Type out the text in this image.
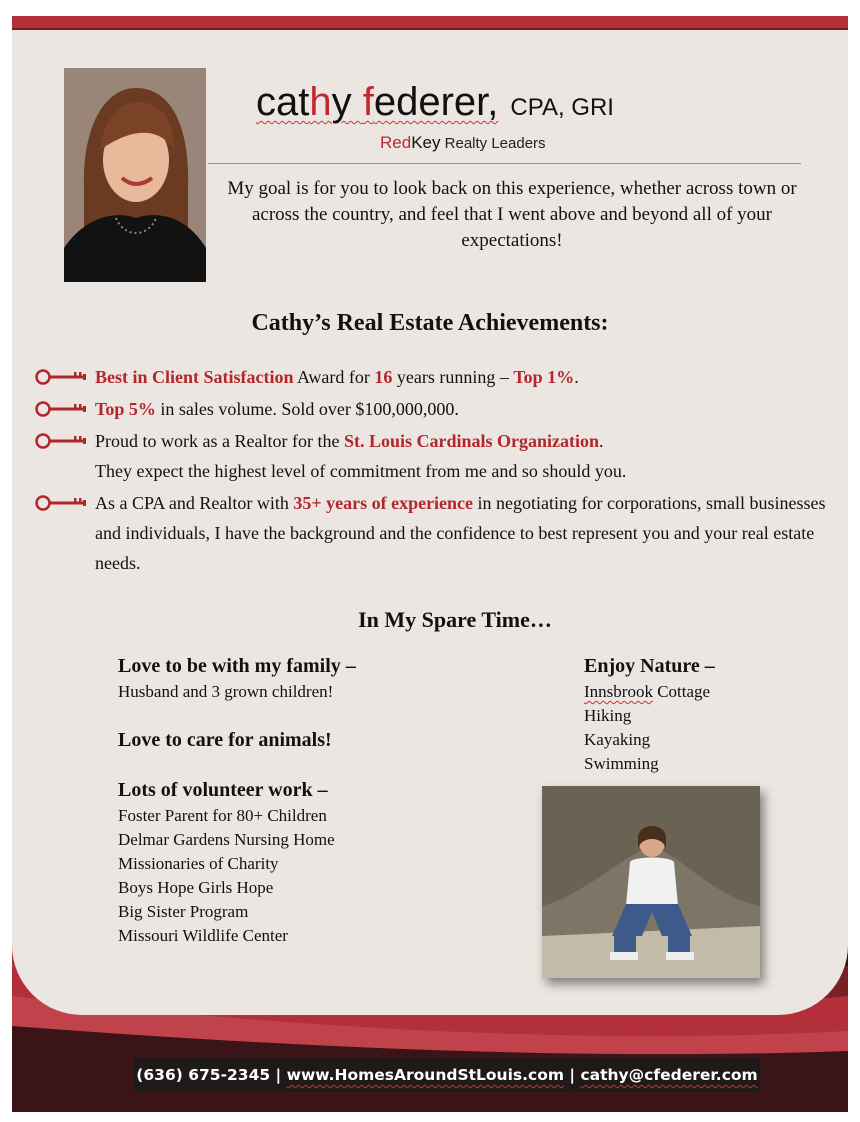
cathy federer, CPA, GRI
RedKey Realty Leaders
My goal is for you to look back on this experience, whether across town or across the country, and feel that I went above and beyond all of your expectations!
Cathy’s Real Estate Achievements:
Best in Client Satisfaction Award for 16 years running – Top 1%.
Top 5% in sales volume. Sold over $100,000,000.
Proud to work as a Realtor for the St. Louis Cardinals Organization.
They expect the highest level of commitment from me and so should you.
As a CPA and Realtor with 35+ years of experience in negotiating for corporations, small businesses and individuals, I have the background and the confidence to best represent you and your real estate needs.
In My Spare Time…
Love to be with my family –
Husband and 3 grown children!
Love to care for animals!
Lots of volunteer work –
Foster Parent for 80+ Children
Delmar Gardens Nursing Home
Missionaries of Charity
Boys Hope Girls Hope
Big Sister Program
Missouri Wildlife Center
Enjoy Nature –
Innsbrook Cottage
Hiking
Kayaking
Swimming
(636) 675-2345 | www.HomesAroundStLouis.com | cathy@cfederer.com
